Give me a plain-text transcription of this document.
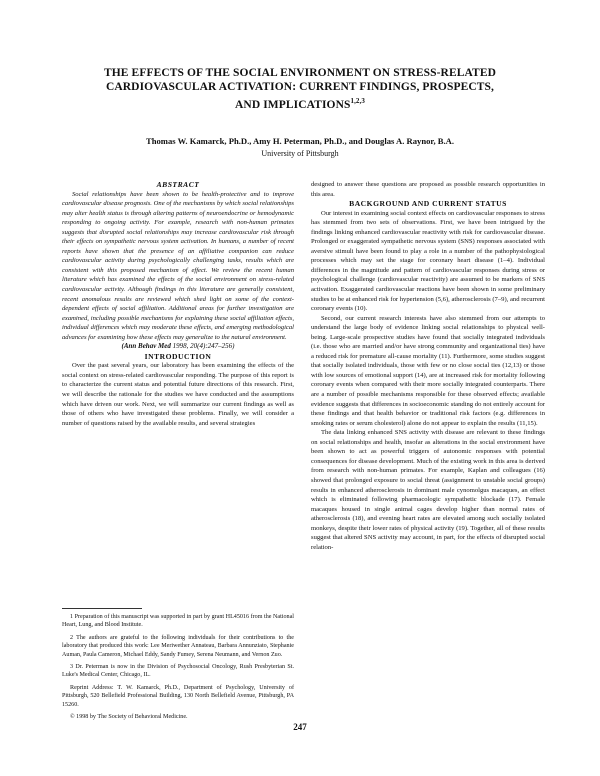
THE EFFECTS OF THE SOCIAL ENVIRONMENT ON STRESS-RELATED
CARDIOVASCULAR ACTIVATION: CURRENT FINDINGS, PROSPECTS,
AND IMPLICATIONS$^{1,2,3}$
Thomas W. Kamarck, Ph.D., Amy H. Peterman, Ph.D., and Douglas A. Raynor, B.A.
University of Pittsburgh

ABSTRACT

Social relationships have been shown to be health-protective and to improve cardiovascular disease prognosis. One of the mechanisms by which social relationships may alter health status is through altering patterns of neuroendocrine or hemodynamic responding to ongoing activity. For example, research with non-human primates suggests that disrupted social relationships may increase cardiovascular risk through their effects on sympathetic nervous system activation. In humans, a number of recent reports have shown that the presence of an affiliative companion can reduce cardiovascular activity during psychologically challenging tasks, results which are consistent with this proposed mechanism of effect. We review the recent human literature which has examined the effects of the social environment on stress-related cardiovascular activity. Although findings in this literature are generally consistent, recent anomalous results are reviewed which shed light on some of the context-dependent effects of social affiliation. Additional areas for further investigation are examined, including possible mechanisms for explaining these social affiliation effects, individual differences which may moderate these effects, and emerging methodological advances for examining how these effects may generalize to the natural environment.

(Ann Behav Med 1998, 20(4):247–256)

INTRODUCTION

Over the past several years, our laboratory has been examining the effects of the social context on stress-related cardiovascular responding. The purpose of this report is to characterize the current status and potential future directions of this research. First, we will describe the rationale for the studies we have conducted and the assumptions which have driven our work. Next, we will summarize our current findings as well as those of others who have investigated these problems. Finally, we will consider a number of questions raised by the available results, and several strategies

designed to answer these questions are proposed as possible research opportunities in this area.

BACKGROUND AND CURRENT STATUS

Our interest in examining social context effects on cardiovascular responses to stress has stemmed from two sets of observations. First, we have been intrigued by the findings linking enhanced cardiovascular reactivity with risk for cardiovascular disease. Prolonged or exaggerated sympathetic nervous system (SNS) responses associated with aversive stimuli have been found to play a role in a number of the pathophysiological processes which may set the stage for coronary heart disease (1–4). Individual differences in the magnitude and pattern of cardiovascular responses during stress or psychological challenge (cardiovascular reactivity) are assumed to be markers of SNS activation. Exaggerated cardiovascular reactions have been shown in some preliminary studies to be at enhanced risk for hypertension (5,6), atherosclerosis (7–9), and recurrent coronary events (10).

Second, our current research interests have also stemmed from our attempts to understand the large body of evidence linking social relationships to physical well-being. Large-scale prospective studies have found that socially integrated individuals (i.e. those who are married and/or have strong community and organizational ties) have a reduced risk for premature all-cause mortality (11). Furthermore, some studies suggest that socially isolated individuals, those with few or no close social ties (12,13) or those with low sources of emotional support (14), are at increased risk for mortality following coronary events when compared with their more socially integrated counterparts. There are a number of possible mechanisms responsible for these observed effects; available evidence suggests that differences in socioeconomic standing do not entirely account for these findings and that health behavior or traditional risk factors (e.g. differences in smoking rates or serum cholesterol) alone do not appear to explain the results (11,15).

The data linking enhanced SNS activity with disease are relevant to these findings on social relationships and health, insofar as alterations in the social environment have been shown to act as powerful triggers of autonomic responses with potential consequences for disease development. Much of the existing work in this area is derived from research with non-human primates. For example, Kaplan and colleagues (16) showed that prolonged exposure to social threat (assignment to unstable social groups) results in enhanced atherosclerosis in dominant male cynomolgus macaques, an effect which is eliminated following pharmacologic sympathetic blockade (17). Female macaques housed in single animal cages develop higher than normal rates of atherosclerosis (18), and evening heart rates are elevated among such socially isolated monkeys, despite their lower rates of physical activity (19). Together, all of these results suggest that altered SNS activity may account, in part, for the effects of disrupted social relation-

1 Preparation of this manuscript was supported in part by grant HL45016 from the National Heart, Lung, and Blood Institute.

2 The authors are grateful to the following individuals for their contributions to the laboratory that produced this work: Lee Meriwether Annateau, Barbara Annunziato, Stephanie Auman, Paula Cameron, Michael Eddy, Sandy Fumey, Serena Neumann, and Vernon Zuo.

3 Dr. Peterman is now in the Division of Psychosocial Oncology, Rush Presbyterian St. Luke's Medical Center, Chicago, IL.

Reprint Address: T. W. Kamarck, Ph.D., Department of Psychology, University of Pittsburgh, 520 Bellefield Professional Building, 130 North Bellefield Avenue, Pittsburgh, PA 15260.

© 1998 by The Society of Behavioral Medicine.

247
